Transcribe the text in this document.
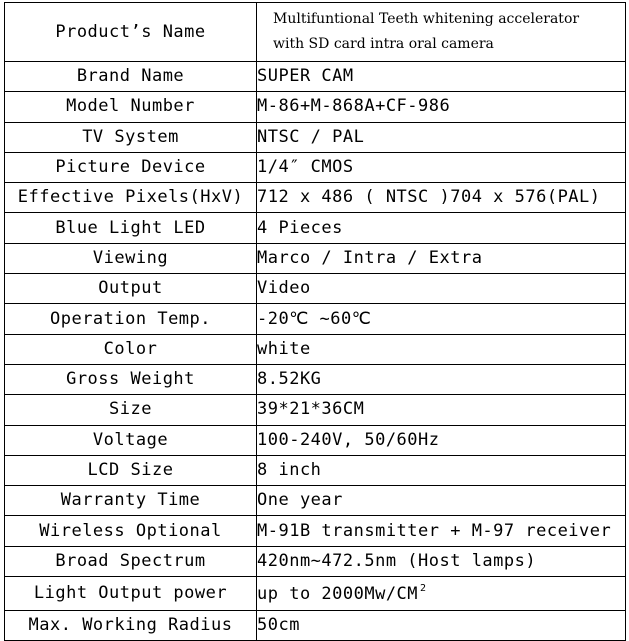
Product’s Name	Multifuntional Teeth whitening accelerator
with SD card intra oral camera

Brand Name	SUPER CAM
Model Number	M-86+M-868A+CF-986
TV System	NTSC / PAL
Picture Device	1/4″ CMOS
Effective Pixels(HxV)	712 x 486 ( NTSC )704 x 576(PAL)
Blue Light LED	4 Pieces
Viewing	Marco / Intra / Extra
Output	Video
Operation Temp.	-20℃ ~60℃
Color	white
Gross Weight	8.52KG
Size	39*21*36CM
Voltage	100-240V, 50/60Hz
LCD Size	8 inch
Warranty Time	One year
Wireless Optional	M-91B transmitter + M-97 receiver
Broad Spectrum	420nm~472.5nm (Host lamps)
Light Output power	up to 2000Mw/CM $^2$
Max. Working Radius	50cm
